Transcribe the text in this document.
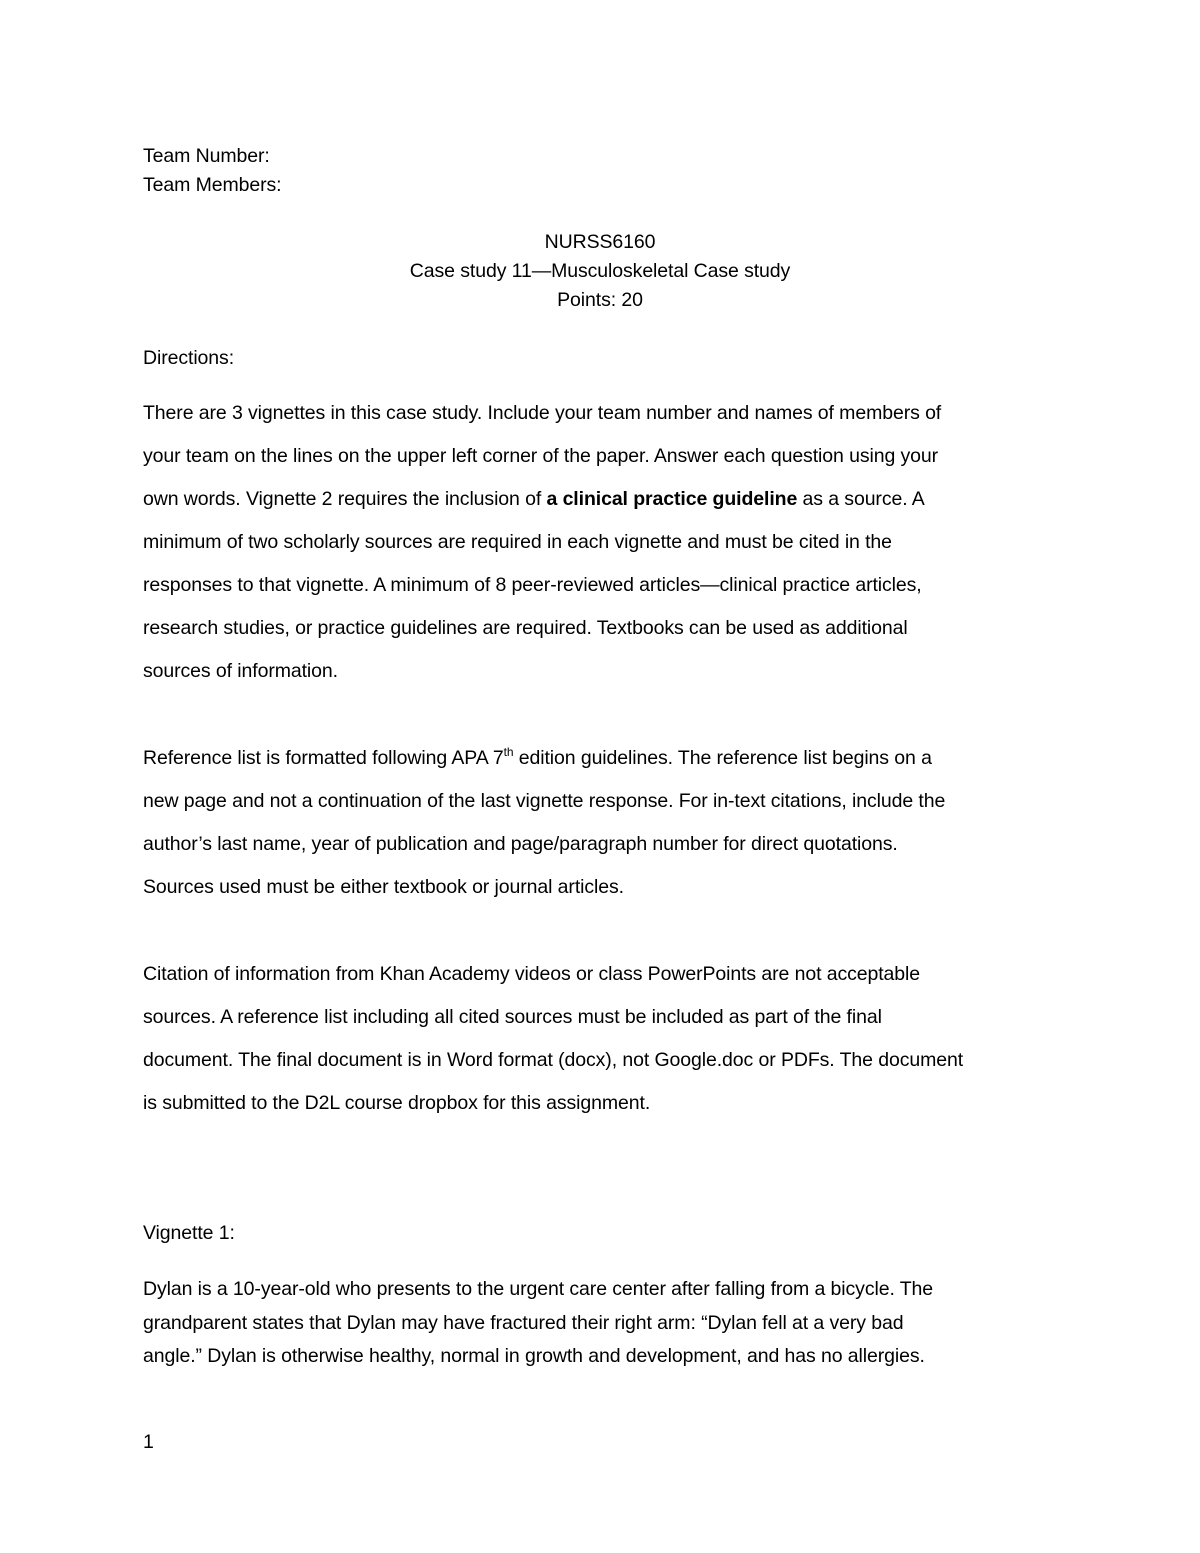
Team Number:
Team Members:
NURSS6160
Case study 11—Musculoskeletal Case study
Points: 20
Directions:
There are 3 vignettes in this case study. Include your team number and names of members of
your team on the lines on the upper left corner of the paper. Answer each question using your
own words. Vignette 2 requires the inclusion of a clinical practice guideline as a source. A
minimum of two scholarly sources are required in each vignette and must be cited in the
responses to that vignette. A minimum of 8 peer-reviewed articles—clinical practice articles,
research studies, or practice guidelines are required. Textbooks can be used as additional
sources of information.
Reference list is formatted following APA 7th edition guidelines. The reference list begins on a
new page and not a continuation of the last vignette response. For in-text citations, include the
author’s last name, year of publication and page/paragraph number for direct quotations.
Sources used must be either textbook or journal articles.
Citation of information from Khan Academy videos or class PowerPoints are not acceptable
sources. A reference list including all cited sources must be included as part of the final
document. The final document is in Word format (docx), not Google.doc or PDFs. The document
is submitted to the D2L course dropbox for this assignment.
Vignette 1:
Dylan is a 10-year-old who presents to the urgent care center after falling from a bicycle. The
grandparent states that Dylan may have fractured their right arm: “Dylan fell at a very bad
angle.” Dylan is otherwise healthy, normal in growth and development, and has no allergies.
1
